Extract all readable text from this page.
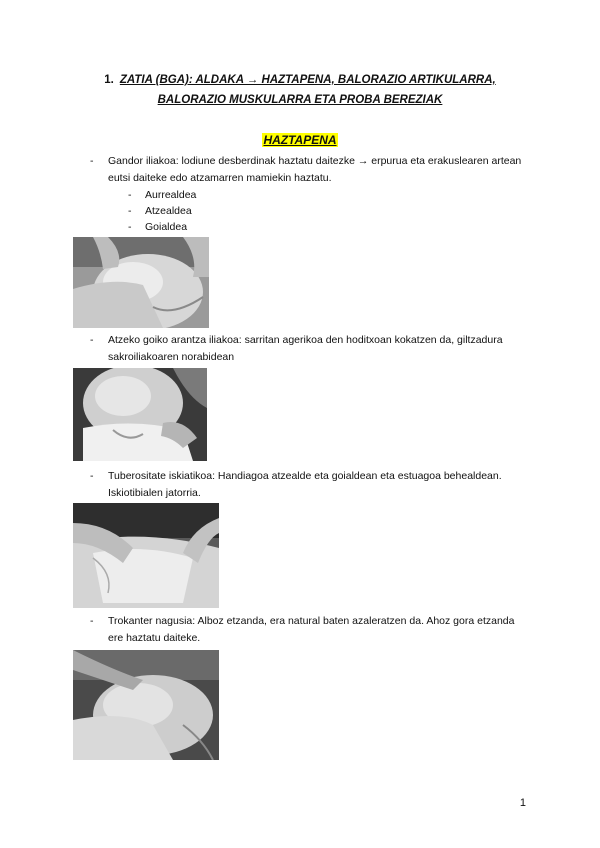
1. ZATIA (BGA): ALDAKA → HAZTAPENA, BALORAZIO ARTIKULARRA,
BALORAZIO MUSKULARRA ETA PROBA BEREZIAK
HAZTAPENA
- Gandor iliakoa: lodiune desberdinak haztatu daitezke → erpurua eta erakuslearen artean eutsi daiteke edo atzamarren mamiekin haztatu.
- Aurrealdea
- Atzealdea
- Goialdea
- Atzeko goiko arantza iliakoa: sarritan agerikoa den hoditxoan kokatzen da, giltzadura sakroiliakoaren norabidean
- Tuberositate iskiatikoa: Handiagoa atzealde eta goialdean eta estuagoa behealdean. Iskiotibialen jatorria.
- Trokanter nagusia: Alboz etzanda, era natural baten azaleratzen da. Ahoz gora etzanda ere haztatu daiteke.
1
